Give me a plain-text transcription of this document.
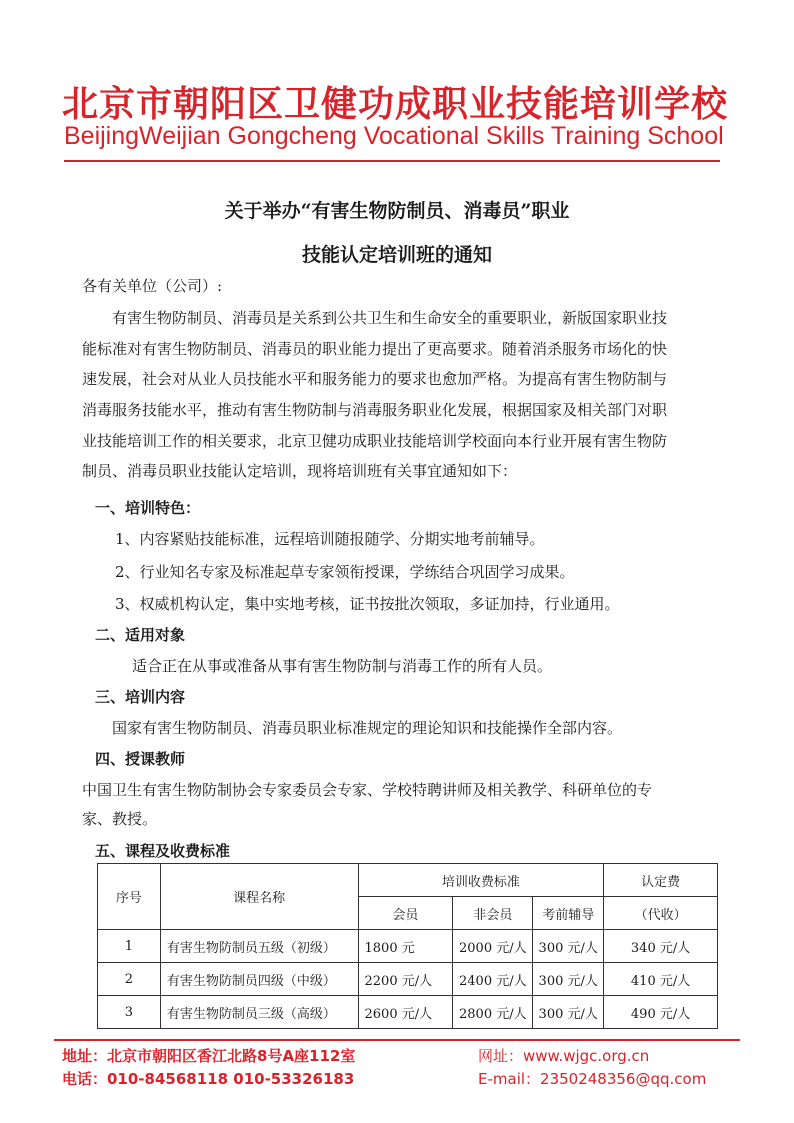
北京市朝阳区卫健功成职业技能培训学校
BeijingWeijian Gongcheng Vocational Skills Training School
关于举办“有害生物防制员、消毒员”职业
技能认定培训班的通知
各有关单位（公司）:
有害生物防制员、消毒员是关系到公共卫生和生命安全的重要职业，新版国家职业技
能标准对有害生物防制员、消毒员的职业能力提出了更高要求。随着消杀服务市场化的快
速发展，社会对从业人员技能水平和服务能力的要求也愈加严格。为提高有害生物防制与
消毒服务技能水平，推动有害生物防制与消毒服务职业化发展，根据国家及相关部门对职
业技能培训工作的相关要求，北京卫健功成职业技能培训学校面向本行业开展有害生物防
制员、消毒员职业技能认定培训，现将培训班有关事宜通知如下：
一、培训特色：
1、内容紧贴技能标准，远程培训随报随学、分期实地考前辅导。
2、行业知名专家及标准起草专家领衔授课，学练结合巩固学习成果。
3、权威机构认定，集中实地考核，证书按批次领取，多证加持，行业通用。
二、适用对象
适合正在从事或准备从事有害生物防制与消毒工作的所有人员。
三、培训内容
国家有害生物防制员、消毒员职业标准规定的理论知识和技能操作全部内容。
四、授课教师
中国卫生有害生物防制协会专家委员会专家、学校特聘讲师及相关教学、科研单位的专
家、教授。
五、课程及收费标准
序号	课程名称	培训收费标准			认定费
		会员	非会员	考前辅导	（代收）
1	有害生物防制员五级（初级）	1800 元	2000 元/人	300 元/人	340 元/人
2	有害生物防制员四级（中级）	2200 元/人	2400 元/人	300 元/人	410 元/人
3	有害生物防制员三级（高级）	2600 元/人	2800 元/人	300 元/人	490 元/人
地址：北京市朝阳区香江北路8号A座112室
电话：010-84568118 010-53326183
网址：www.wjgc.org.cn
E-mail：2350248356@qq.com
